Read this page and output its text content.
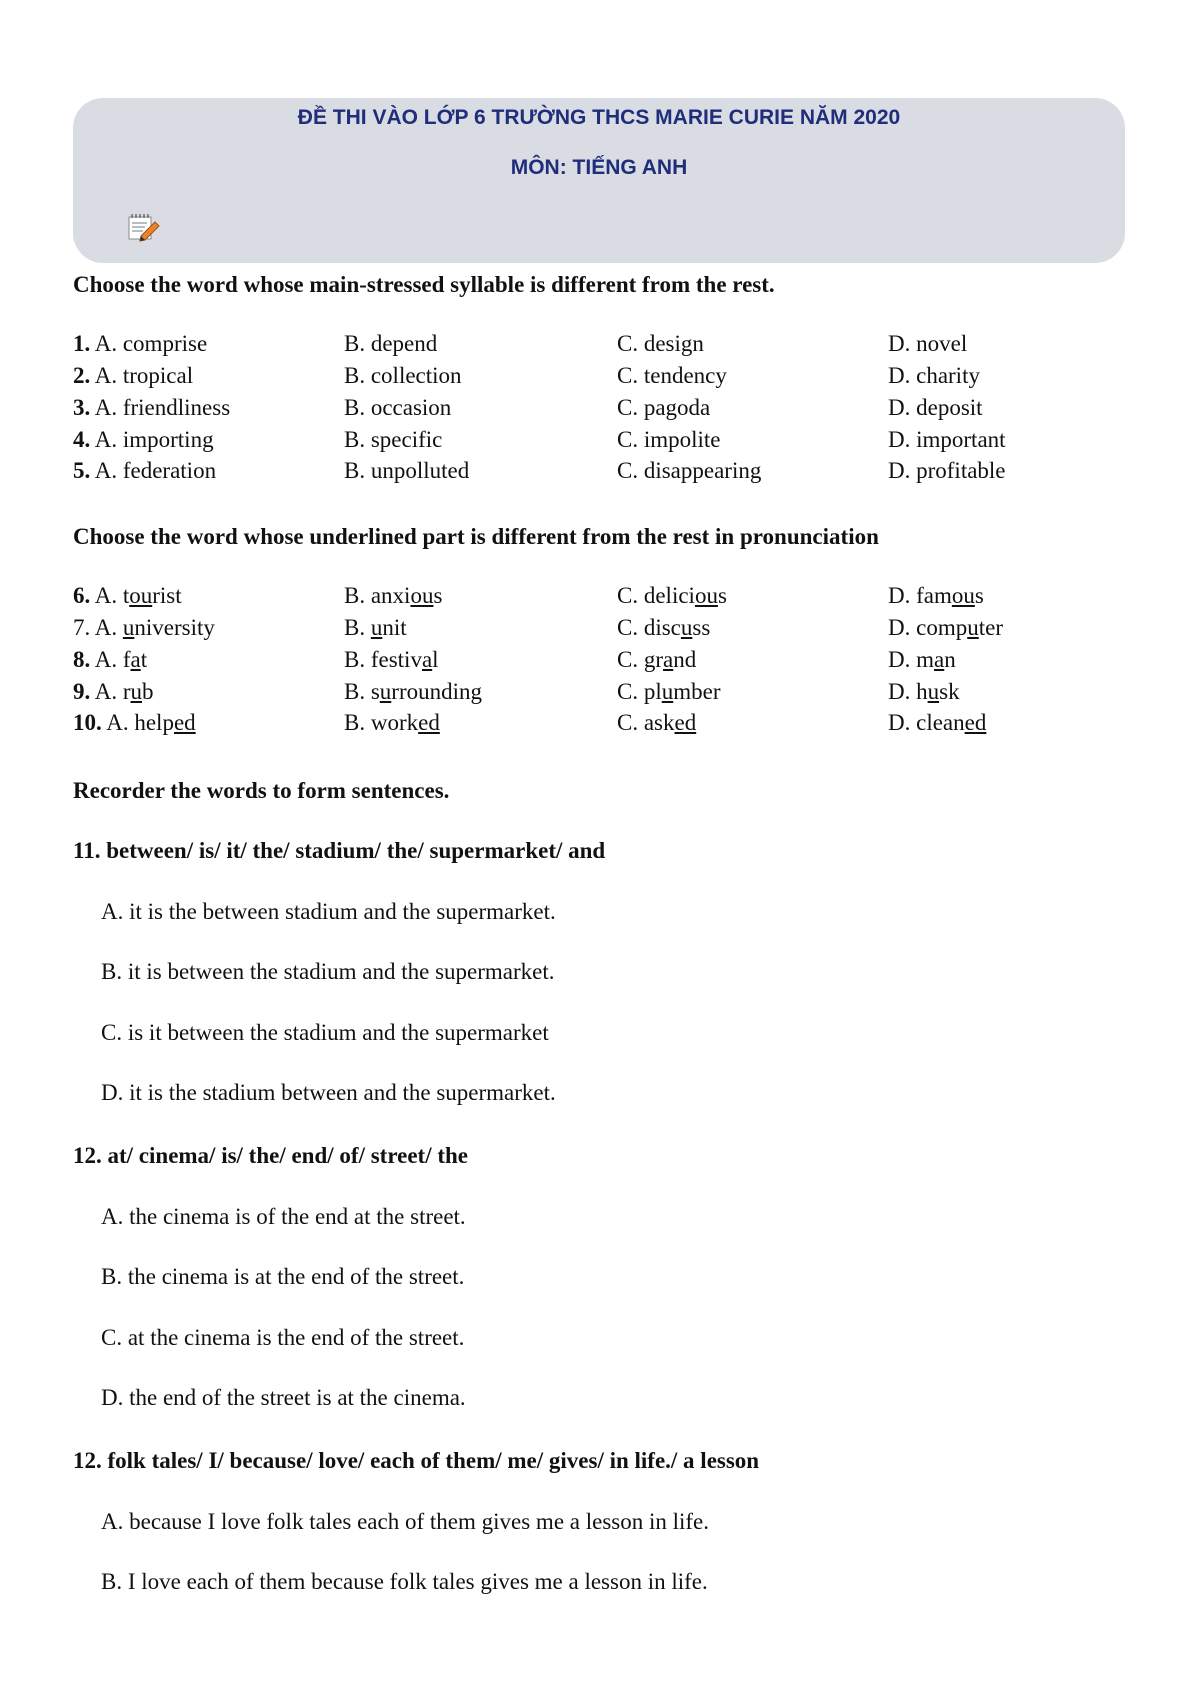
ĐỀ THI VÀO LỚP 6 TRƯỜNG THCS MARIE CURIE NĂM 2020
MÔN: TIẾNG ANH
Choose the word whose main-stressed syllable is different from the rest.
1. A. comprise	B. depend	C. design	D. novel
2. A. tropical	B. collection	C. tendency	D. charity
3. A. friendliness	B. occasion	C. pagoda	D. deposit
4. A. importing	B. specific	C. impolite	D. important
5. A. federation	B. unpolluted	C. disappearing	D. profitable
Choose the word whose underlined part is different from the rest in pronunciation
6. A. tourist	B. anxious	C. delicious	D. famous
7. A. university	B. unit	C. discuss	D. computer
8. A. fat	B. festival	C. grand	D. man
9. A. rub	B. surrounding	C. plumber	D. husk
10. A. helped	B. worked	C. asked	D. cleaned
Recorder the words to form sentences.
11. between/ is/ it/ the/ stadium/ the/ supermarket/ and
A. it is the between stadium and the supermarket.
B. it is between the stadium and the supermarket.
C. is it between the stadium and the supermarket
D. it is the stadium between and the supermarket.
12. at/ cinema/ is/ the/ end/ of/ street/ the
A. the cinema is of the end at the street.
B. the cinema is at the end of the street.
C. at the cinema is the end of the street.
D. the end of the street is at the cinema.
12. folk tales/ I/ because/ love/ each of them/ me/ gives/ in life./ a lesson
A. because I love folk tales each of them gives me a lesson in life.
B. I love each of them because folk tales gives me a lesson in life.
